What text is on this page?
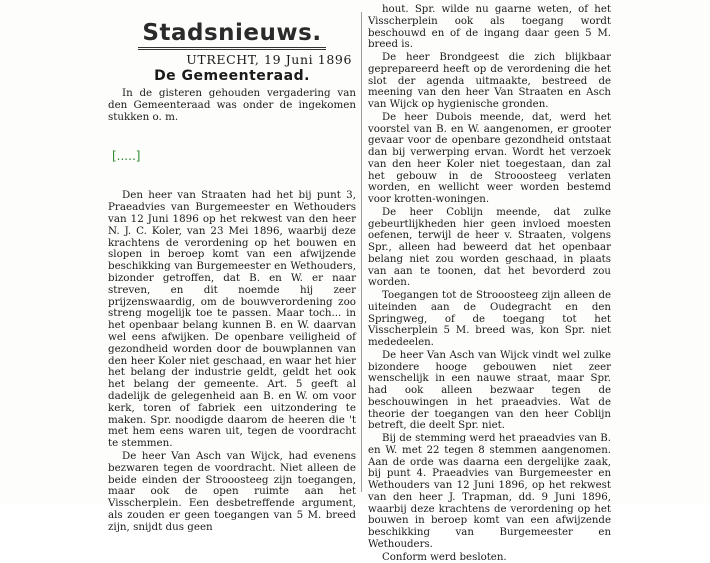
Stadsnieuws.
UTRECHT, 19 Juni 1896
De Gemeenteraad.

In de gisteren gehouden vergadering van den Gemeenteraad was onder de ingekomen stukken o. m.

[.....]

Den heer van Straaten had het bij punt 3, Praeadvies van Burgemeester en Wethouders van 12 Juni 1896 op het rekwest van den heer N. J. C. Koler, van 23 Mei 1896, waarbij deze krachtens de verordening op het bouwen en slopen in beroep komt van een afwijzende beschikking van Burgemeester en Wethouders, bizonder getroffen, dat B. en W. er naar streven, en dit noemde hij zeer prijzenswaardig, om de bouwverordening zoo streng mogelijk toe te passen. Maar toch... in het openbaar belang kunnen B. en W. daarvan wel eens afwijken. De openbare veiligheid of gezondheid worden door de bouwplannen van den heer Koler niet geschaad, en waar het hier het belang der industrie geldt, geldt het ook het belang der gemeente. Art. 5 geeft al dadelijk de gelegenheid aan B. en W. om voor kerk, toren of fabriek een uitzondering te maken. Spr. noodigde daarom de heeren die 't met hem eens waren uit, tegen de voordracht te stemmen.

De heer Van Asch van Wijck, had evenens bezwaren tegen de voordracht. Niet alleen de beide einden der Strooosteeg zijn toegangen, maar ook de open ruimte aan het Visscherplein. Een desbetreffende argument, als zouden er geen toegangen van 5 M. breed zijn, snijdt dus geen

hout. Spr. wilde nu gaarne weten, of het Visscherplein ook als toegang wordt beschouwd en of de ingang daar geen 5 M. breed is.

De heer Brondgeest die zich blijkbaar geprepareerd heeft op de verordening die het slot der agenda uitmaakte, bestreed de meening van den heer Van Straaten en Asch van Wijck op hygienische gronden.

De heer Dubois meende, dat, werd het voorstel van B. en W. aangenomen, er grooter gevaar voor de openbare gezondheid ontstaat dan bij verwerping ervan. Wordt het verzoek van den heer Koler niet toegestaan, dan zal het gebouw in de Strooosteeg verlaten worden, en wellicht weer worden bestemd voor krotten-woningen.

De heer Coblijn meende, dat zulke gebeurtlijkheden hier geen invloed moesten oefenen, terwijl de heer v. Straaten, volgens Spr., alleen had beweerd dat het openbaar belang niet zou worden geschaad, in plaats van aan te toonen, dat het bevorderd zou worden.

Toegangen tot de Strooosteeg zijn alleen de uiteinden aan de Oudegracht en den Springweg, of de toegang tot het Visscherplein 5 M. breed was, kon Spr. niet mededeelen.

De heer Van Asch van Wijck vindt wel zulke bizondere hooge gebouwen niet zeer wenschelijk in een nauwe straat, maar Spr. had ook alleen bezwaar tegen de beschouwingen in het praeadvies. Wat de theorie der toegangen van den heer Coblijn betreft, die deelt Spr. niet.

Bij de stemming werd het praeadvies van B. en W. met 22 tegen 8 stemmen aangenomen. Aan de orde was daarna een dergelijke zaak, bij punt 4. Praeadvies van Burgemeester en Wethouders van 12 Juni 1896, op het rekwest van den heer J. Trapman, dd. 9 Juni 1896, waarbij deze krachtens de verordening op het bouwen in beroep komt van een afwijzende beschikking van Burgemeester en Wethouders.

Conform werd besloten.
